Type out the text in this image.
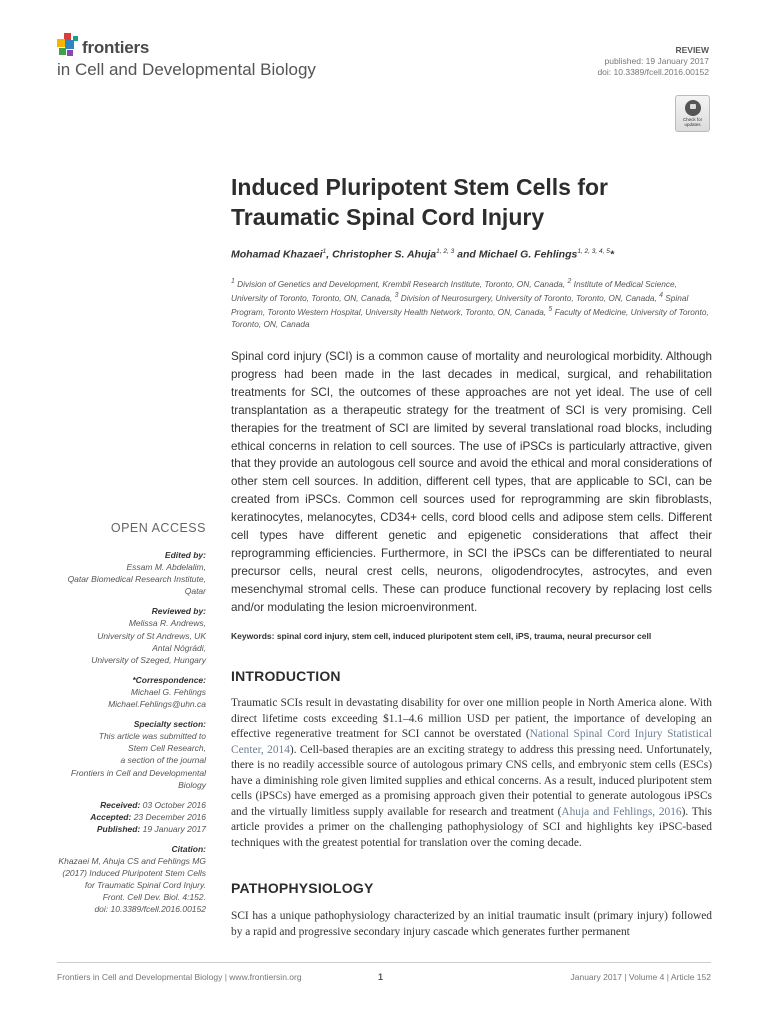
frontiers
in Cell and Developmental Biology
REVIEW
published: 19 January 2017
doi: 10.3389/fcell.2016.00152
Check for
updates
Induced Pluripotent Stem Cells for Traumatic Spinal Cord Injury
Mohamad Khazaei$^1$, Christopher S. Ahuja$^{1, 2, 3}$ and Michael G. Fehlings$^{1, 2, 3, 4, 5}$*
$^1$ Division of Genetics and Development, Krembil Research Institute, Toronto, ON, Canada, $^2$ Institute of Medical Science, University of Toronto, Toronto, ON, Canada, $^3$ Division of Neurosurgery, University of Toronto, Toronto, ON, Canada, $^4$ Spinal Program, Toronto Western Hospital, University Health Network, Toronto, ON, Canada, $^5$ Faculty of Medicine, University of Toronto, Toronto, ON, Canada
Spinal cord injury (SCI) is a common cause of mortality and neurological morbidity. Although progress had been made in the last decades in medical, surgical, and rehabilitation treatments for SCI, the outcomes of these approaches are not yet ideal. The use of cell transplantation as a therapeutic strategy for the treatment of SCI is very promising. Cell therapies for the treatment of SCI are limited by several translational road blocks, including ethical concerns in relation to cell sources. The use of iPSCs is particularly attractive, given that they provide an autologous cell source and avoid the ethical and moral considerations of other stem cell sources. In addition, different cell types, that are applicable to SCI, can be created from iPSCs. Common cell sources used for reprogramming are skin fibroblasts, keratinocytes, melanocytes, CD34+ cells, cord blood cells and adipose stem cells. Different cell types have different genetic and epigenetic considerations that affect their reprogramming efficiencies. Furthermore, in SCI the iPSCs can be differentiated to neural precursor cells, neural crest cells, neurons, oligodendrocytes, astrocytes, and even mesenchymal stromal cells. These can produce functional recovery by replacing lost cells and/or modulating the lesion microenvironment.
Keywords: spinal cord injury, stem cell, induced pluripotent stem cell, iPS, trauma, neural precursor cell
OPEN ACCESS
Edited by:
Essam M. Abdelalim,
Qatar Biomedical Research Institute,
Qatar
Reviewed by:
Melissa R. Andrews,
University of St Andrews, UK
Antal Nógrádi,
University of Szeged, Hungary
*Correspondence:
Michael G. Fehlings
Michael.Fehlings@uhn.ca
Specialty section:
This article was submitted to
Stem Cell Research,
a section of the journal
Frontiers in Cell and Developmental
Biology
Received: 03 October 2016
Accepted: 23 December 2016
Published: 19 January 2017
Citation:
Khazaei M, Ahuja CS and Fehlings MG
(2017) Induced Pluripotent Stem Cells
for Traumatic Spinal Cord Injury.
Front. Cell Dev. Biol. 4:152.
doi: 10.3389/fcell.2016.00152
INTRODUCTION
Traumatic SCIs result in devastating disability for over one million people in North America alone. With direct lifetime costs exceeding $1.1–4.6 million USD per patient, the importance of developing an effective regenerative treatment for SCI cannot be overstated (National Spinal Cord Injury Statistical Center, 2014). Cell-based therapies are an exciting strategy to address this pressing need. Unfortunately, there is no readily accessible source of autologous primary CNS cells, and embryonic stem cells (ESCs) have a diminishing role given limited supplies and ethical concerns. As a result, induced pluripotent stem cells (iPSCs) have emerged as a promising approach given their potential to generate autologous iPSCs and the virtually limitless supply available for research and treatment (Ahuja and Fehlings, 2016). This article provides a primer on the challenging pathophysiology of SCI and highlights key iPSC-based techniques with the greatest potential for translation over the coming decade.
PATHOPHYSIOLOGY
SCI has a unique pathophysiology characterized by an initial traumatic insult (primary injury) followed by a rapid and progressive secondary injury cascade which generates further permanent
Frontiers in Cell and Developmental Biology | www.frontiersin.org	1	January 2017 | Volume 4 | Article 152
